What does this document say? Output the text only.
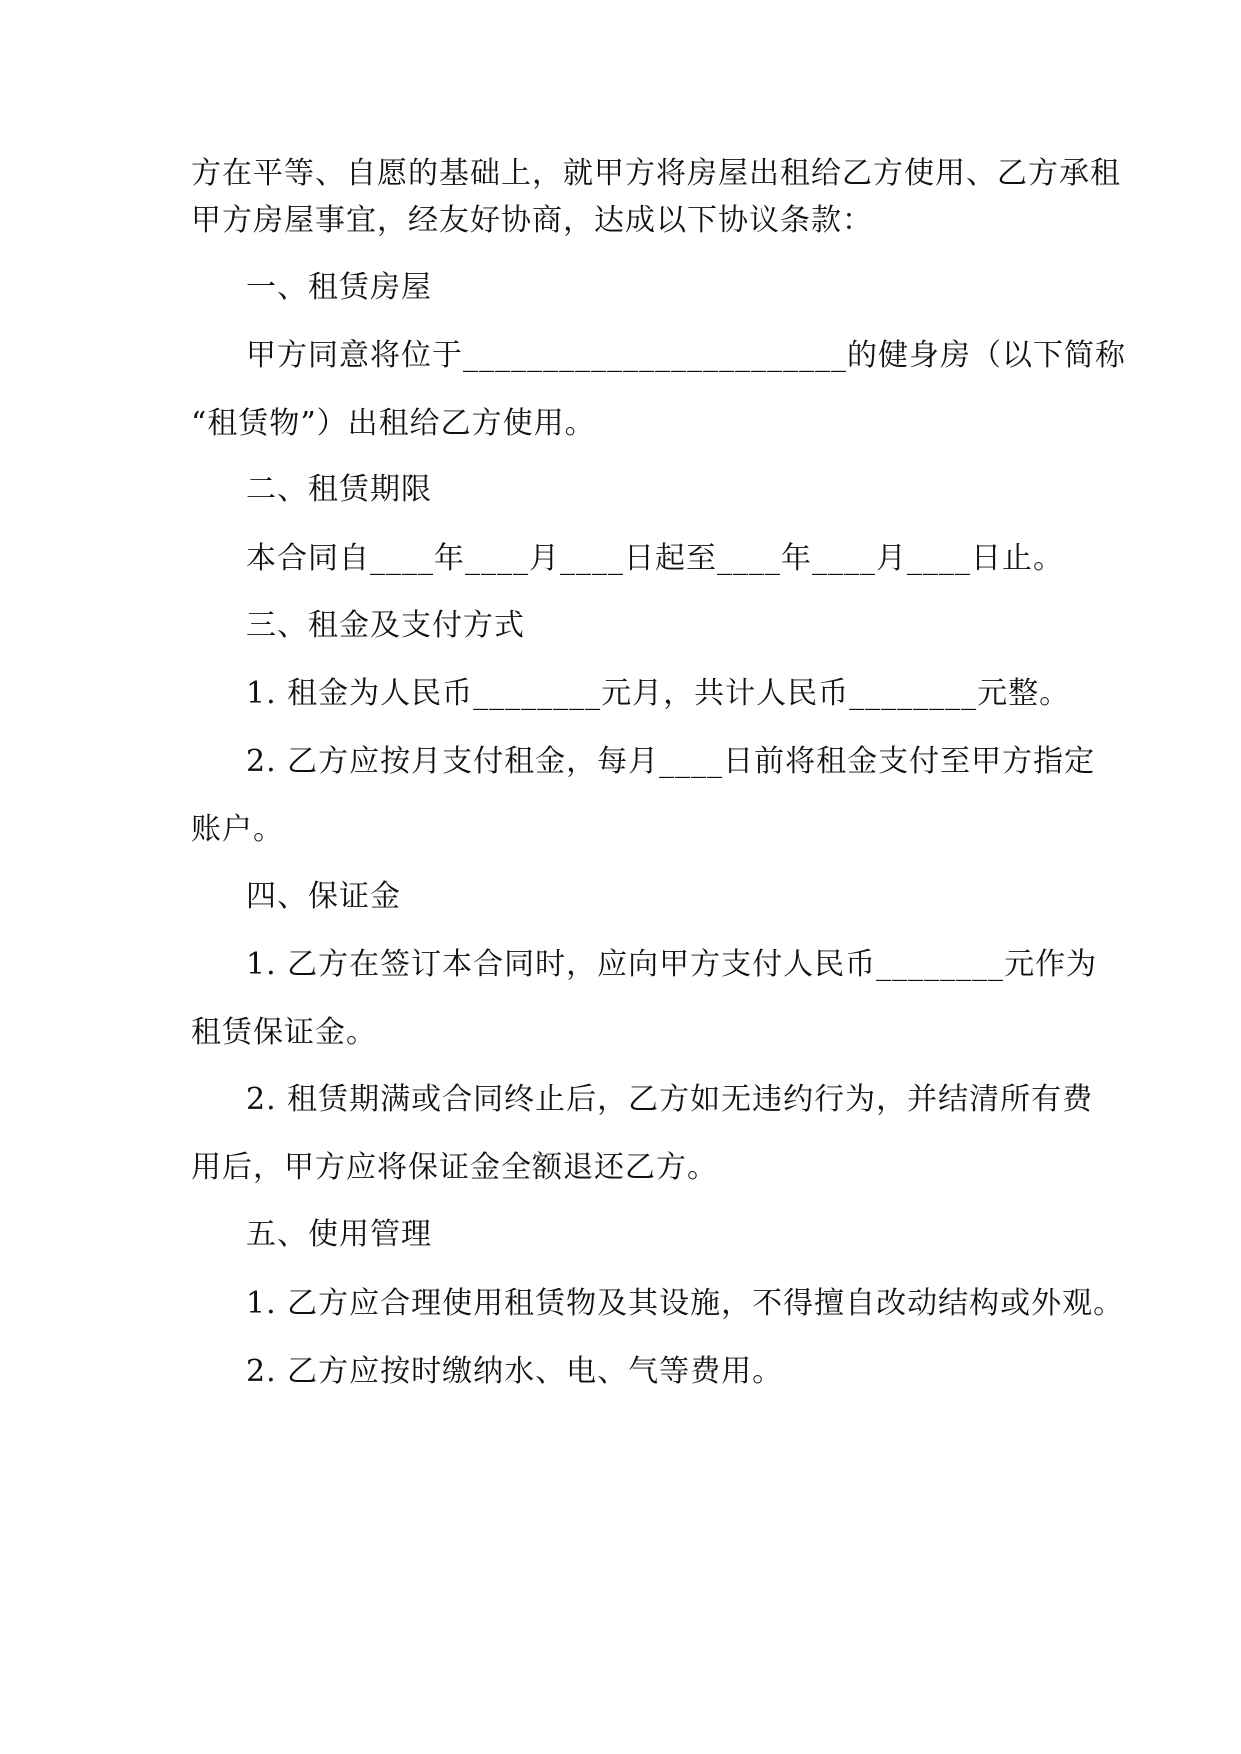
方在平等、自愿的基础上，就甲方将房屋出租给乙方使用、乙方承租
甲方房屋事宜，经友好协商，达成以下协议条款：
一、租赁房屋
甲方同意将位于________________________的健身房（以下简称
“租赁物”）出租给乙方使用。
二、租赁期限
本合同自____年____月____日起至____年____月____日止。
三、租金及支付方式
1. 租金为人民币________元月，共计人民币________元整。
2. 乙方应按月支付租金，每月____日前将租金支付至甲方指定
账户。
四、保证金
1. 乙方在签订本合同时，应向甲方支付人民币________元作为
租赁保证金。
2. 租赁期满或合同终止后，乙方如无违约行为，并结清所有费
用后，甲方应将保证金全额退还乙方。
五、使用管理
1. 乙方应合理使用租赁物及其设施，不得擅自改动结构或外观。
2. 乙方应按时缴纳水、电、气等费用。
